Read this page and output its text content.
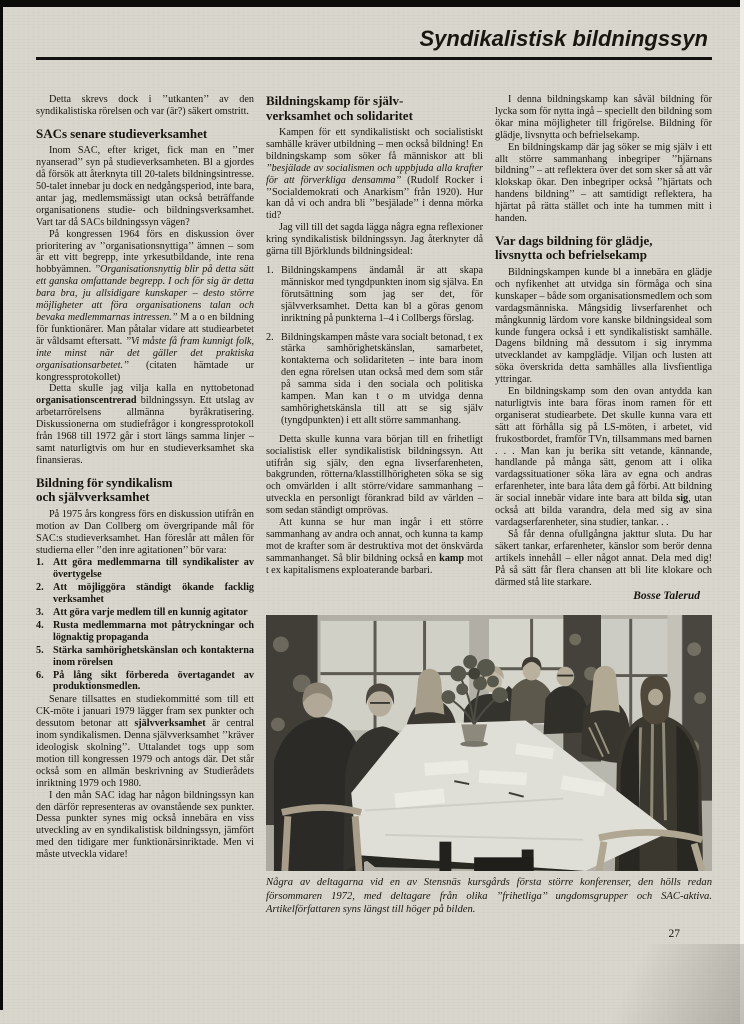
Syndikalistisk bildningssyn

Detta skrevs dock i ’’utkanten’’ av den syndikalistiska rörelsen och var (är?) säkert omstritt.

SACs senare studieverksamhet

Inom SAC, efter kriget, fick man en ’’mer nyanserad’’ syn på studieverksamheten. Bl a gjordes då försök att återknyta till 20-talets bildningsintresse. 50-talet innebar ju dock en nedgångsperiod, inte bara, antar jag, medlemsmässigt utan också beträffande organisationens studie- och bildningsverksamhet. Vart tar då SACs bildningssyn vägen?

På kongressen 1964 förs en diskussion över prioritering av ’’organisationsnyttiga’’ ämnen – som är ett vitt begrepp, inte yrkesutbildande, inte rena hobbyämnen. ’’Organisationsnyttig blir på detta sätt ett ganska omfattande begrepp. I och för sig är detta bara bra, ju allsidigare kunskaper – desto större möjligheter att föra organisationens talan och bevaka medlemmarnas intressen.’’ M a o en bildning för funktionärer. Man påtalar vidare att studiearbetet är våldsamt eftersatt. ’’Vi måste få fram kunnigt folk, inte minst när det gäller det praktiska organisationsarbetet.’’ (citaten hämtade ur kongressprotokollet)

Detta skulle jag vilja kalla en nyttobetonad organisationscentrerad bildningssyn. Ett utslag av arbetarrörelsens allmänna byråkratisering. Diskussionerna om studiefrågor i kongressprotokoll från 1968 till 1972 går i stort längs samma linjer – samt naturligtvis om hur en studieverksamhet ska finansieras.

Bildning för syndikalism
och självverksamhet

På 1975 års kongress förs en diskussion utifrån en motion av Dan Collberg om övergripande mål för SAC:s studieverksamhet. Han föreslår att målen för studierna eller ’’den inre agitationen’’ bör vara:

1. Att göra medlemmarna till syndikalister av övertygelse
2. Att möjliggöra ständigt ökande facklig verksamhet
3. Att göra varje medlem till en kunnig agitator
4. Rusta medlemmarna mot påtryckningar och lögnaktig propaganda
5. Stärka samhörighetskänslan och kontakterna inom rörelsen
6. På lång sikt förbereda övertagandet av produktionsmedlen.

Senare tillsattes en studiekommitté som till ett CK-möte i januari 1979 lägger fram sex punkter och dessutom betonar att självverksamhet är central inom syndikalismen. Denna självverksamhet ’’kräver ideologisk skolning’’. Uttalandet togs upp som motion till kongressen 1979 och antogs där. Det står också som en allmän beskrivning av Studierådets inriktning 1979 och 1980.

I den mån SAC idag har någon bildningssyn kan den därför representeras av ovanstående sex punkter. Dessa punkter synes mig också innebära en viss utveckling av en syndikalistisk bildningssyn, jämfört med den tidigare mer funktionärsinriktade. Men vi måste utveckla vidare!

Bildningskamp för själv-
verksamhet och solidaritet

Kampen för ett syndikalistiskt och socialistiskt samhälle kräver utbildning – men också bildning! En bildningskamp som söker få människor att bli ’’besjälade av socialismen och uppbjuda alla krafter för att förverkliga densamma’’ (Rudolf Rocker i ’’Socialdemokrati och Anarkism’’ från 1920). Hur kan då vi och andra bli ’’besjälade’’ i denna mörka tid?

Jag vill till det sagda lägga några egna reflexioner kring syndikalistisk bildningssyn. Jag återknyter då gärna till Björklunds bildningsideal:

1. Bildningskampens ändamål är att skapa människor med tyngdpunkten inom sig själva. En förutsättning som jag ser det, för självverksamhet. Detta kan bl a göras genom inriktning på punkterna 1–4 i Collbergs förslag.
2. Bildningskampen måste vara socialt betonad, t ex stärka samhörighetskänslan, samarbetet, kontakterna och solidariteten – inte bara inom den egna rörelsen utan också med dem som står på samma sida i den sociala och politiska kampen. Man kan t o m utvidga denna samhörighetskänsla till att se sig själv (tyngdpunkten) i ett allt större sammanhang.

Detta skulle kunna vara början till en frihetligt socialistisk eller syndikalistisk bildningssyn. Att utifrån sig själv, den egna livserfarenheten, bakgrunden, rötterna/klasstillhörigheten söka se sig och omvärlden i allt större/vidare sammanhang – utveckla en personligt förankrad bild av världen – som sedan ständigt omprövas.

Att kunna se hur man ingår i ett större sammanhang av andra och annat, och kunna ta kamp mot de krafter som är destruktiva mot det önskvärda sammanhanget. Så blir bildning också en kamp mot t ex kapitalismens exploaterande barbari.

I denna bildningskamp kan såväl bildning för lycka som för nytta ingå – speciellt den bildning som ökar mina möjligheter till frigörelse. Bildning för glädje, livsnytta och befrielsekamp.

En bildningskamp där jag söker se mig själv i ett allt större sammanhang inbegriper ’’hjärnans bildning’’ – att reflektera över det som sker så att vår klokskap ökar. Den inbegriper också ’’hjärtats och handens bildning’’ – att samtidigt reflektera, ha hjärtat på rätta stället och inte ha tummen mitt i handen.

Var dags bildning för glädje,
livsnytta och befrielsekamp

Bildningskampen kunde bl a innebära en glädje och nyfikenhet att utvidga sin förmåga och sina kunskaper – både som organisationsmedlem och som vardagsmänniska. Mångsidig livserfarenhet och mångkunnig lärdom vore kanske bildningsideal som kunde fungera också i ett syndikalistiskt samhälle. Dagens bildning må dessutom i sig inrymma utvecklandet av kampglädje. Viljan och lusten att söka överskrida detta samhälles alla livsfientliga yttringar.

En bildningskamp som den ovan antydda kan naturligtvis inte bara föras inom ramen för ett organiserat studiearbete. Det skulle kunna vara ett sätt att förhålla sig på LS-möten, i arbetet, vid frukostbordet, framför TVn, tillsammans med barnen . . . Man kan ju berika sitt vetande, kännande, handlande på många sätt, genom att i olika vardagssituationer söka lära av egna och andras erfarenheter, inte bara låta dem gå förbi. Att bildning är social innebär vidare inte bara att bilda sig, utan också att bilda varandra, dela med sig av sina vardagserfarenheter, sina studier, tankar. . .

Så får denna ofullgångna jakttur sluta. Du har säkert tankar, erfarenheter, känslor som berör denna artikels innehåll – eller något annat. Dela med dig! På så sätt får flera chansen att bli lite klokare och därmed stå lite starkare.

Bosse Talerud

Några av deltagarna vid en av Stensnäs kursgårds första större konferenser, den hölls redan försommaren 1972, med deltagare från olika ’’frihetliga’’ ungdomsgrupper och SAC-aktiva. Artikelförfattaren syns längst till höger på bilden.

27
